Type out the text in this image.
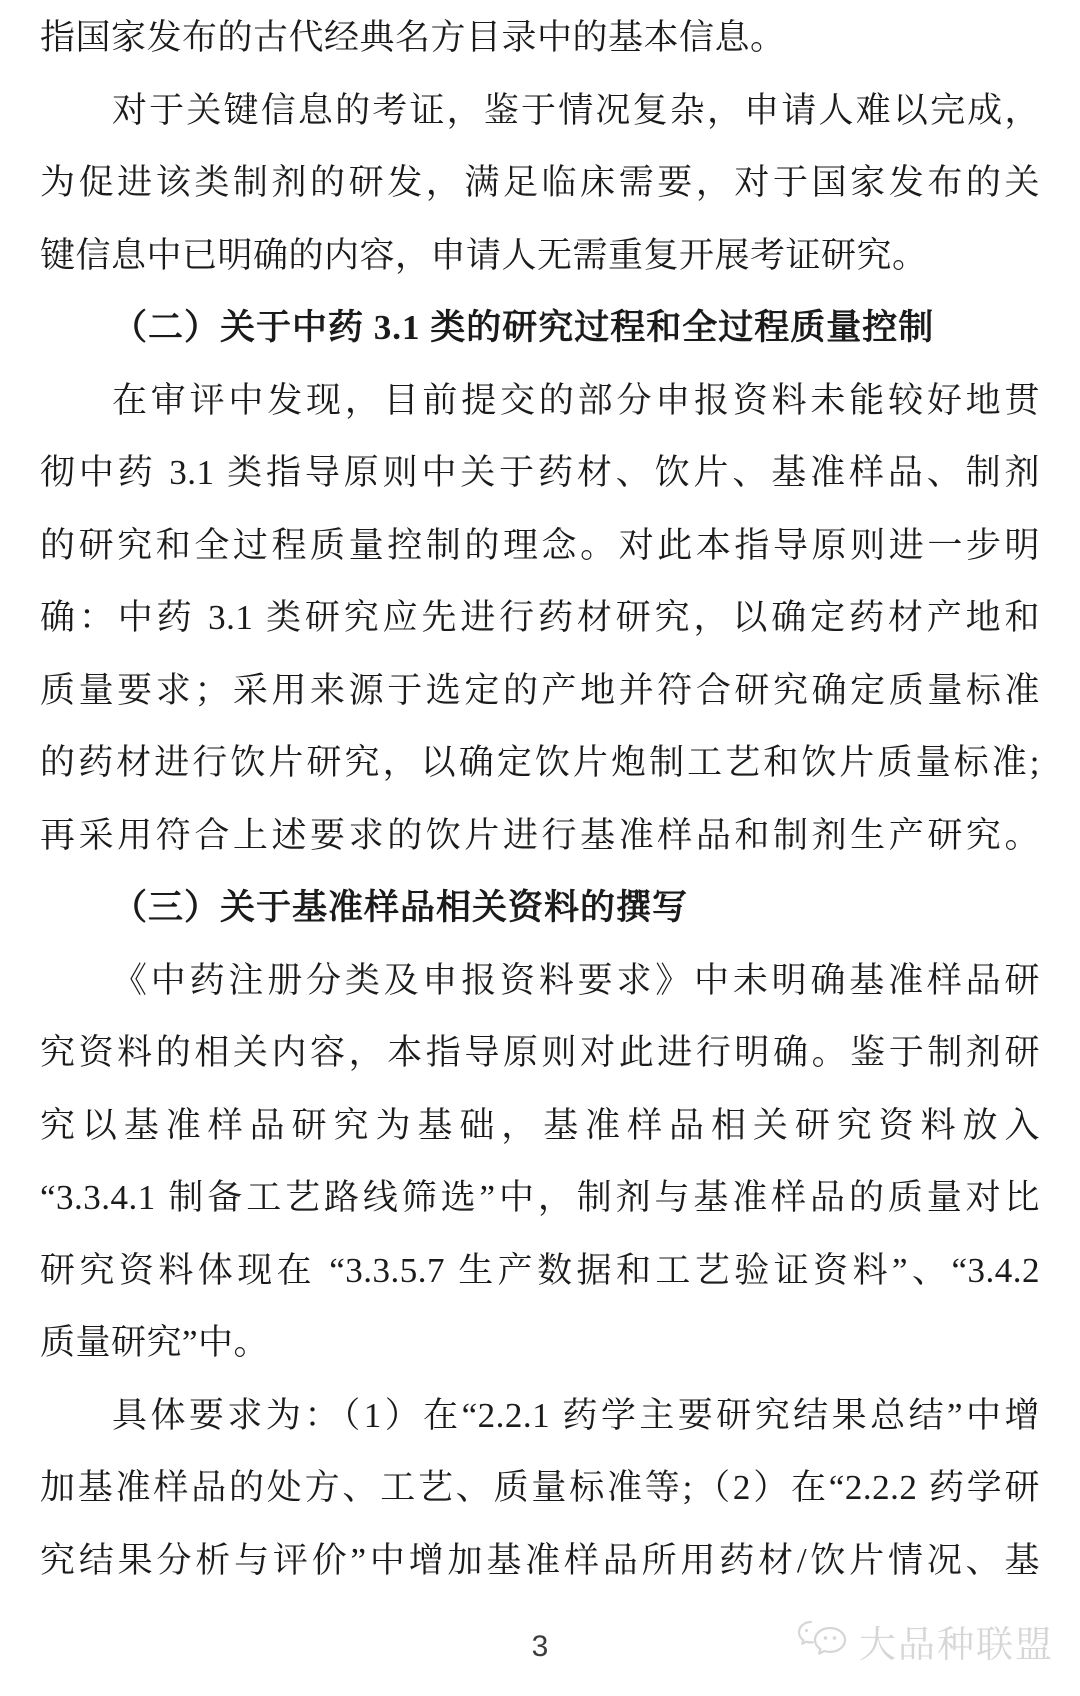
指国家发布的古代经典名方目录中的基本信息。
对于关键信息的考证，鉴于情况复杂，申请人难以完成，
为促进该类制剂的研发，满足临床需要，对于国家发布的关
键信息中已明确的内容，申请人无需重复开展考证研究。
（二）关于中药 3.1 类的研究过程和全过程质量控制
在审评中发现，目前提交的部分申报资料未能较好地贯
彻中药 3.1 类指导原则中关于药材、饮片、基准样品、制剂
的研究和全过程质量控制的理念。对此本指导原则进一步明
确：中药 3.1 类研究应先进行药材研究，以确定药材产地和
质量要求；采用来源于选定的产地并符合研究确定质量标准
的药材进行饮片研究，以确定饮片炮制工艺和饮片质量标准;
再采用符合上述要求的饮片进行基准样品和制剂生产研究。
（三）关于基准样品相关资料的撰写
《中药注册分类及申报资料要求》中未明确基准样品研
究资料的相关内容，本指导原则对此进行明确。鉴于制剂研
究以基准样品研究为基础，基准样品相关研究资料放入
“3.3.4.1 制备工艺路线筛选”中，制剂与基准样品的质量对比
研究资料体现在 “3.3.5.7 生产数据和工艺验证资料”、“3.4.2
质量研究”中。
具体要求为：（1）在“2.2.1 药学主要研究结果总结”中增
加基准样品的处方、工艺、质量标准等;（2）在“2.2.2 药学研
究结果分析与评价”中增加基准样品所用药材/饮片情况、基
3	大品种联盟
